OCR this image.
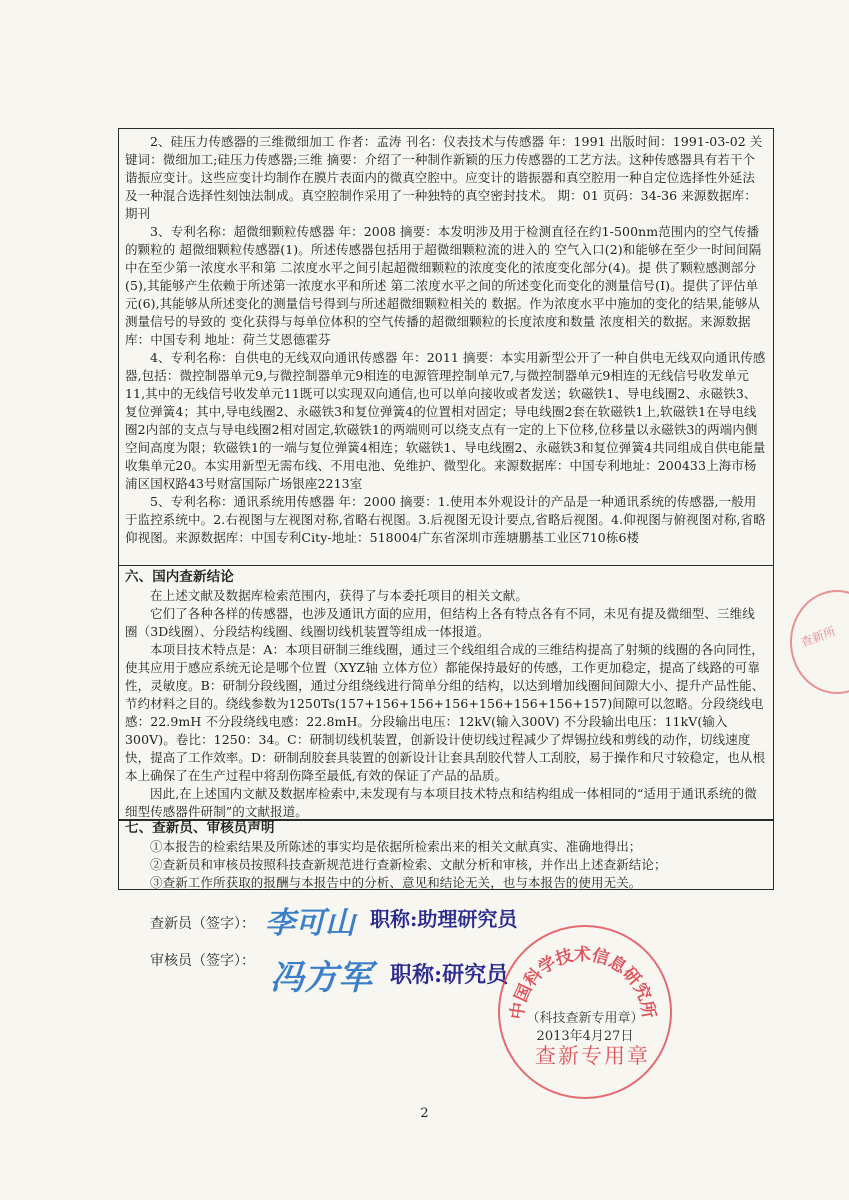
2、硅压力传感器的三维微细加工 作者：孟涛 刊名：仪表技术与传感器 年：1991 出版时间：1991-03-02 关键词：微细加工;硅压力传感器;三维 摘要：介绍了一种制作新颖的压力传感器的工艺方法。这种传感器具有若干个谐振应变计。这些应变计均制作在膜片表面内的微真空腔中。应变计的谐振器和真空腔用一种自定位选择性外延法及一种混合选择性刻蚀法制成。真空腔制作采用了一种独特的真空密封技术。 期：01 页码：34-36 来源数据库：期刊

3、专利名称：超微细颗粒传感器 年：2008 摘要：本发明涉及用于检测直径在约1-500nm范围内的空气传播的颗粒的 超微细颗粒传感器(1)。所述传感器包括用于超微细颗粒流的进入的 空气入口(2)和能够在至少一时间间隔中在至少第一浓度水平和第 二浓度水平之间引起超微细颗粒的浓度变化的浓度变化部分(4)。提 供了颗粒感测部分(5),其能够产生依赖于所述第一浓度水平和所述 第二浓度水平之间的所述变化而变化的测量信号(I)。提供了评估单 元(6),其能够从所述变化的测量信号得到与所述超微细颗粒相关的 数据。作为浓度水平中施加的变化的结果,能够从测量信号的导致的 变化获得与每单位体积的空气传播的超微细颗粒的长度浓度和数量 浓度相关的数据。来源数据库：中国专利 地址：荷兰艾恩德霍芬

4、专利名称：自供电的无线双向通讯传感器 年：2011 摘要：本实用新型公开了一种自供电无线双向通讯传感器,包括：微控制器单元9,与微控制器单元9相连的电源管理控制单元7,与微控制器单元9相连的无线信号收发单元11,其中的无线信号收发单元11既可以实现双向通信,也可以单向接收或者发送；软磁铁1、导电线圈2、永磁铁3、复位弹簧4；其中,导电线圈2、永磁铁3和复位弹簧4的位置相对固定；导电线圈2套在软磁铁1上,软磁铁1在导电线圈2内部的支点与导电线圈2相对固定,软磁铁1的两端则可以绕支点有一定的上下位移,位移量以永磁铁3的两端内侧空间高度为限；软磁铁1的一端与复位弹簧4相连；软磁铁1、导电线圈2、永磁铁3和复位弹簧4共同组成自供电能量收集单元20。本实用新型无需布线、不用电池、免维护、微型化。来源数据库：中国专利地址：200433上海市杨浦区国权路43号财富国际广场银座2213室

5、专利名称：通讯系统用传感器 年：2000 摘要：1.使用本外观设计的产品是一种通讯系统的传感器,一般用于监控系统中。2.右视图与左视图对称,省略右视图。3.后视图无设计要点,省略后视图。4.仰视图与俯视图对称,省略仰视图。来源数据库：中国专利City-地址：518004广东省深圳市莲塘鹏基工业区710栋6楼

六、国内查新结论

在上述文献及数据库检索范围内，获得了与本委托项目的相关文献。

它们了各种各样的传感器，也涉及通讯方面的应用，但结构上各有特点各有不同，未见有提及微细型、三维线圈（3D线圈）、分段结构线圈、线圈切线机装置等组成一体报道。

本项目技术特点是：A：本项目研制三维线圈，通过三个线组组合成的三维结构提高了射频的线圈的各向同性，使其应用于感应系统无论是哪个位置（XYZ轴 立体方位）都能保持最好的传感，工作更加稳定，提高了线路的可靠性，灵敏度。B：研制分段线圈，通过分组绕线进行简单分组的结构，以达到增加线圈间间隙大小、提升产品性能、节约材料之目的。绕线参数为1250Ts(157+156+156+156+156+156+156+157)间隙可以忽略。分段绕线电感：22.9mH 不分段绕线电感：22.8mH。分段输出电压：12kV(输入300V) 不分段输出电压：11kV(输入300V)。卷比：1250：34。C：研制切线机装置，创新设计使切线过程减少了焊锡拉线和剪线的动作，切线速度快，提高了工作效率。D：研制刮胶套具装置的创新设计让套具刮胶代替人工刮胶，易于操作和尺寸较稳定，也从根本上确保了在生产过程中将刮伤降至最低,有效的保证了产品的品质。

因此,在上述国内文献及数据库检索中,未发现有与本项目技术特点和结构组成一体相同的“适用于通讯系统的微细型传感器件研制”的文献报道。

七、查新员、审核员声明

①本报告的检索结果及所陈述的事实均是依据所检索出来的相关文献真实、准确地得出；

②查新员和审核员按照科技查新规范进行查新检索、文献分析和审核，并作出上述查新结论；

③查新工作所获取的报酬与本报告中的分析、意见和结论无关，也与本报告的使用无关。

查新员（签字）： 李可山 职称:助理研究员
审核员（签字）： 冯方军 职称:研究员
中国科学技术信息研究所
（科技查新专用章）
2013年4月27日
查新专用章
查新所
2
